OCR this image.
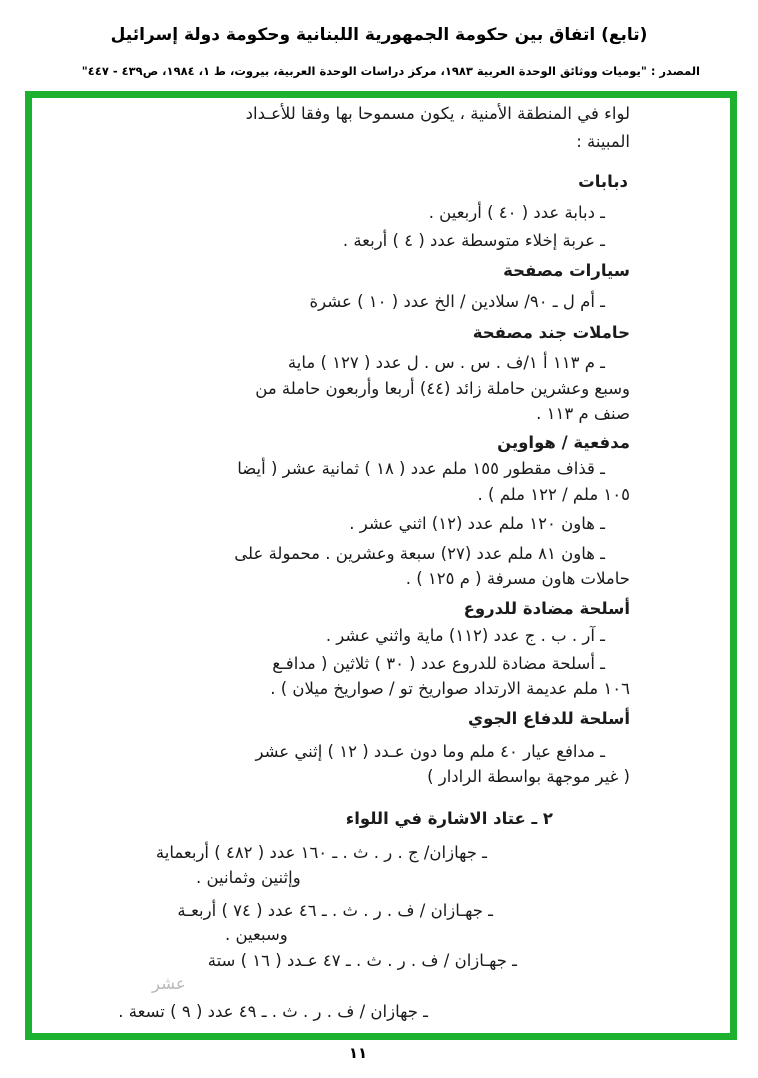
(تابع) اتفاق بين حكومة الجمهورية اللبنانية وحكومة دولة إسرائيل
المصدر : "يوميات ووثائق الوحدة العربية ١٩٨٣، مركز دراسات الوحدة العربية، بيروت، ط ١، ١٩٨٤، ص٤٣٩ - ٤٤٧"
لواء في المنطقة الأمنية ، يكون مسموحا بها وفقا للأعـداد
المبينة :
دبابات
ـ دبابة عدد ( ٤٠ ) أربعين .
ـ عربة إخلاء متوسطة عدد ( ٤ ) أربعة .
سيارات مصفحة
ـ أم ل ـ ٩٠/ سلادين / الخ عدد ( ١٠ ) عشرة
حاملات جند مصفحة
ـ م ١١٣ أ ١/ف . س . س . ل عدد ( ١٢٧ ) ماية
وسبع وعشرين حاملة زائد (٤٤) أربعا وأربعون حاملة من
صنف م ١١٣ .
مدفعية / هواوين
ـ قذاف مقطور ١٥٥ ملم عدد ( ١٨ ) ثمانية عشر ( أيضا
١٠٥ ملم / ١٢٢ ملم ) .
ـ هاون ١٢٠ ملم عدد (١٢) اثني عشر .
ـ هاون ٨١ ملم عدد (٢٧) سبعة وعشرين . محمولة على
حاملات هاون مسرفة ( م ١٢٥ ) .
أسلحة مضادة للدروع
ـ آر . ب . ج عدد (١١٢) ماية واثني عشر .
ـ أسلحة مضادة للدروع عدد ( ٣٠ ) ثلاثين ( مدافـع
١٠٦ ملم عديمة الارتداد صواريخ تو / صواريخ ميلان ) .
أسلحة للدفاع الجوي
ـ مدافع عيار ٤٠ ملم وما دون عـدد ( ١٢ ) إثني عشر
( غير موجهة بواسطة الرادار )
٢ ـ عتاد الاشارة في اللواء
ـ جهازان/ ج . ر . ث . ـ ١٦٠ عدد ( ٤٨٢ ) أربعماية
وإثنين وثمانين .
ـ جهـازان / ف . ر . ث . ـ ٤٦ عدد ( ٧٤ ) أربعـة
وسبعين .
ـ جهـازان / ف . ر . ث . ـ ٤٧ عـدد ( ١٦ ) ستة
عشر
ـ جهازان / ف . ر . ث . ـ ٤٩ عدد ( ٩ ) تسعة .
١١
